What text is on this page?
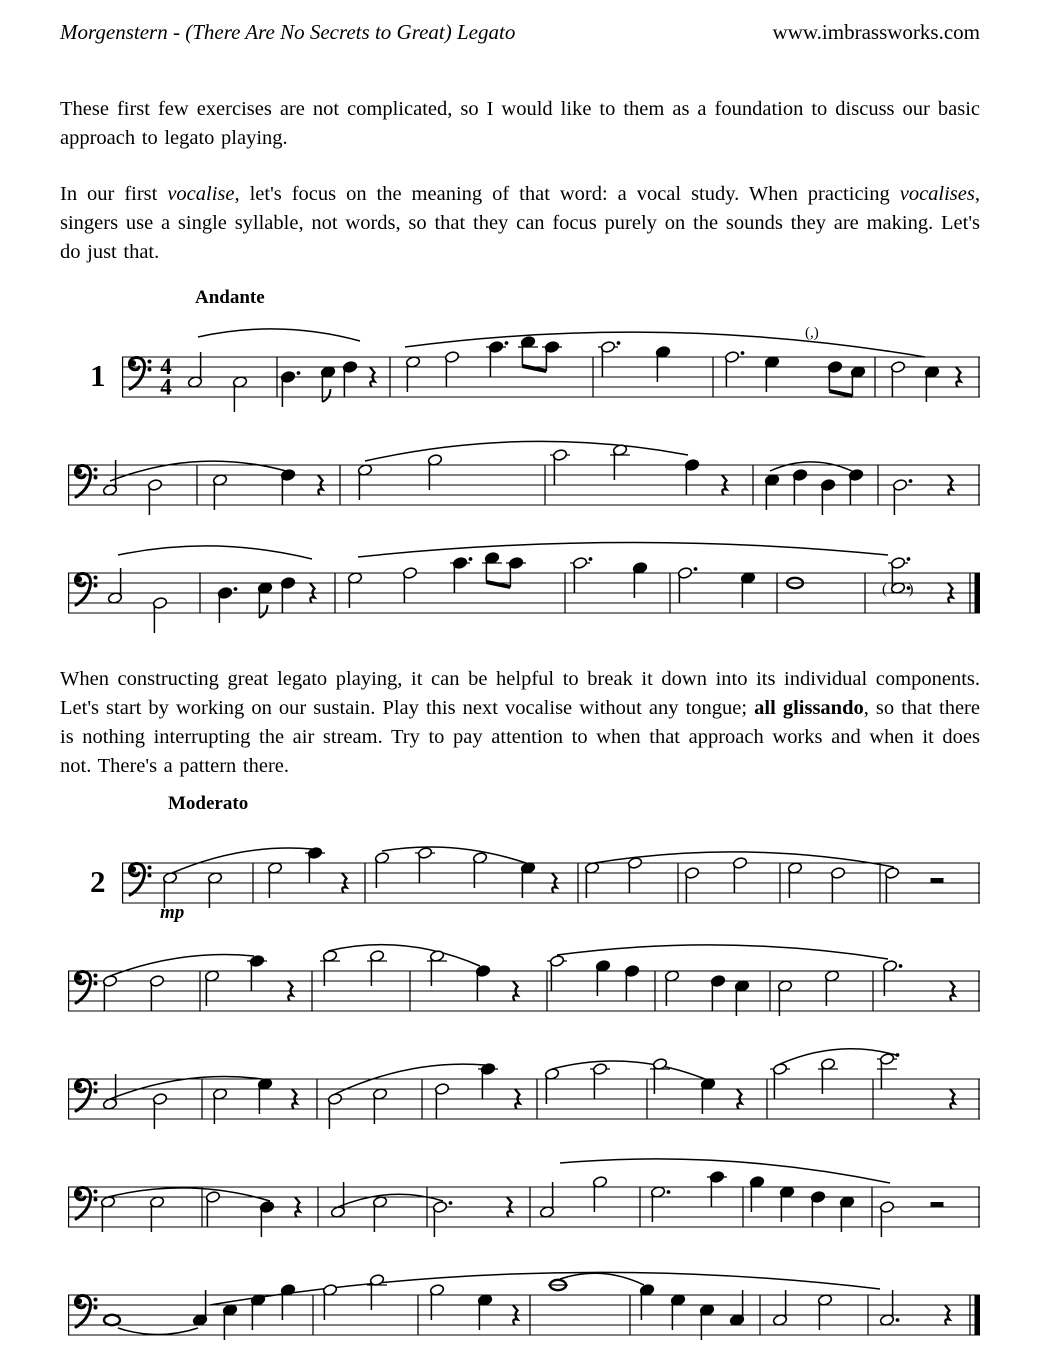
Morgenstern - (There Are No Secrets to Great) Legato	www.imbrassworks.com

These first few exercises are not complicated, so I would like to them as a foundation to discuss our basic approach to legato playing.

In our first vocalise, let's focus on the meaning of that word: a vocal study. When practicing vocalises, singers use a single syllable, not words, so that they can focus purely on the sounds they are making. Let's do just that.

Andante
1 4
4
(,)
( )

When constructing great legato playing, it can be helpful to break it down into its individual components. Let's start by working on our sustain. Play this next vocalise without any tongue; all glissando, so that there is nothing interrupting the air stream. Try to pay attention to when that approach works and when it does not. There's a pattern there.

Moderato
2
mp
